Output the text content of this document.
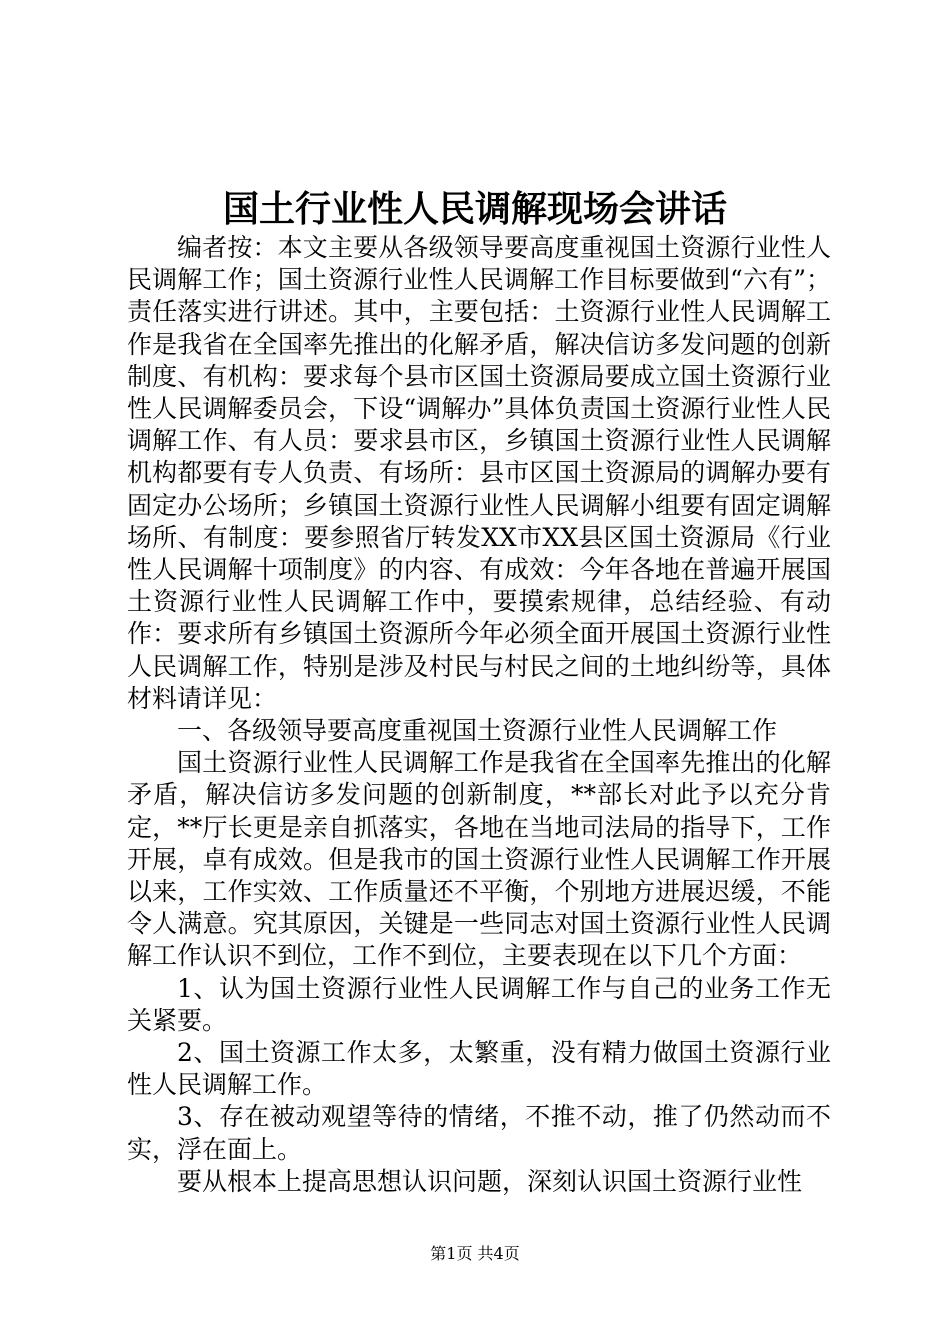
国土行业性人民调解现场会讲话

编者按：本文主要从各级领导要高度重视国土资源行业性人民调解工作；国土资源行业性人民调解工作目标要做到“六有”；责任落实进行讲述。其中，主要包括：土资源行业性人民调解工作是我省在全国率先推出的化解矛盾，解决信访多发问题的创新制度、有机构：要求每个县市区国土资源局要成立国土资源行业性人民调解委员会，下设“调解办”具体负责国土资源行业性人民调解工作、有人员：要求县市区，乡镇国土资源行业性人民调解机构都要有专人负责、有场所：县市区国土资源局的调解办要有固定办公场所；乡镇国土资源行业性人民调解小组要有固定调解场所、有制度：要参照省厅转发XX市XX县区国土资源局《行业性人民调解十项制度》的内容、有成效：今年各地在普遍开展国土资源行业性人民调解工作中，要摸索规律，总结经验、有动作：要求所有乡镇国土资源所今年必须全面开展国土资源行业性人民调解工作，特别是涉及村民与村民之间的土地纠纷等，具体材料请详见：

一、各级领导要高度重视国土资源行业性人民调解工作

国土资源行业性人民调解工作是我省在全国率先推出的化解矛盾，解决信访多发问题的创新制度，**部长对此予以充分肯定，**厅长更是亲自抓落实，各地在当地司法局的指导下，工作开展，卓有成效。但是我市的国土资源行业性人民调解工作开展以来，工作实效、工作质量还不平衡，个别地方进展迟缓，不能令人满意。究其原因，关键是一些同志对国土资源行业性人民调解工作认识不到位，工作不到位，主要表现在以下几个方面：

1、认为国土资源行业性人民调解工作与自己的业务工作无关紧要。

2、国土资源工作太多，太繁重，没有精力做国土资源行业性人民调解工作。

3、存在被动观望等待的情绪，不推不动，推了仍然动而不实，浮在面上。

要从根本上提高思想认识问题，深刻认识国土资源行业性

第1页 共4页
